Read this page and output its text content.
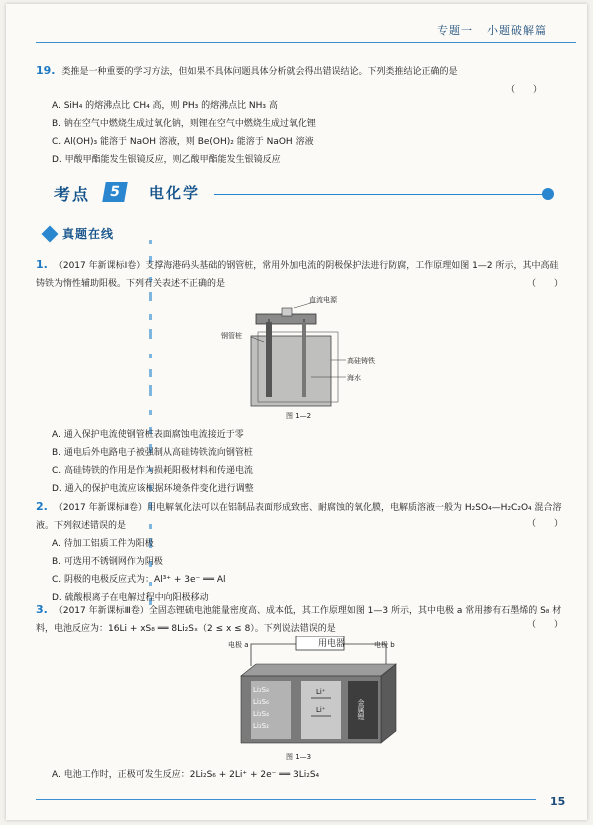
专题一 小题破解篇
19. 类推是一种重要的学习方法，但如果不具体问题具体分析就会得出错误结论。下列类推结论正确的是
（　　）
A. SiH₄ 的熔沸点比 CH₄ 高，则 PH₃ 的熔沸点比 NH₃ 高
B. 钠在空气中燃烧生成过氧化钠，则锂在空气中燃烧生成过氧化锂
C. Al(OH)₃ 能溶于 NaOH 溶液，则 Be(OH)₂ 能溶于 NaOH 溶液
D. 甲酸甲酯能发生银镜反应，则乙酸甲酯能发生银镜反应
考点	5	电化学
真题在线
1. （2017 年新课标Ⅰ卷）支撑海港码头基础的钢管桩，常用外加电流的阴极保护法进行防腐，工作原理如图 1—2 所示，其中高硅铸铁为惰性辅助阳极。下列有关表述不正确的是	（　　）
直流电源
钢管桩
高硅铸铁
海水
图 1—2
A. 通入保护电流使钢管桩表面腐蚀电流接近于零
B. 通电后外电路电子被强制从高硅铸铁流向钢管桩
C. 高硅铸铁的作用是作为损耗阳极材料和传递电流
D. 通入的保护电流应该根据环境条件变化进行调整
2. （2017 年新课标Ⅱ卷）用电解氧化法可以在铝制品表面形成致密、耐腐蚀的氧化膜，电解质溶液一般为 H₂SO₄—H₂C₂O₄ 混合溶液。下列叙述错误的是
A. 待加工铝质工件为阳极
B. 可选用不锈钢网作为阴极
C. 阴极的电极反应式为：Al³⁺ + 3e⁻ ══ Al
D. 硫酸根离子在电解过程中向阳极移动
（　　）
3. （2017 年新课标Ⅲ卷）全固态锂硫电池能量密度高、成本低，其工作原理如图 1—3 所示，其中电极 a 常用掺有石墨烯的 S₈ 材料，电池反应为：16Li + xS₈ ══ 8Li₂Sₓ（2 ≤ x ≤ 8）。下列说法错误的是	（　　）
用电器
电极 a	电极 b
Li₂S₈
Li₂S₆
Li₂S₄
Li₂S₂
Li⁺
Li⁺	金属锂
图 1—3
A. 电池工作时，正极可发生反应：2Li₂S₆ + 2Li⁺ + 2e⁻ ══ 3Li₂S₄
15
